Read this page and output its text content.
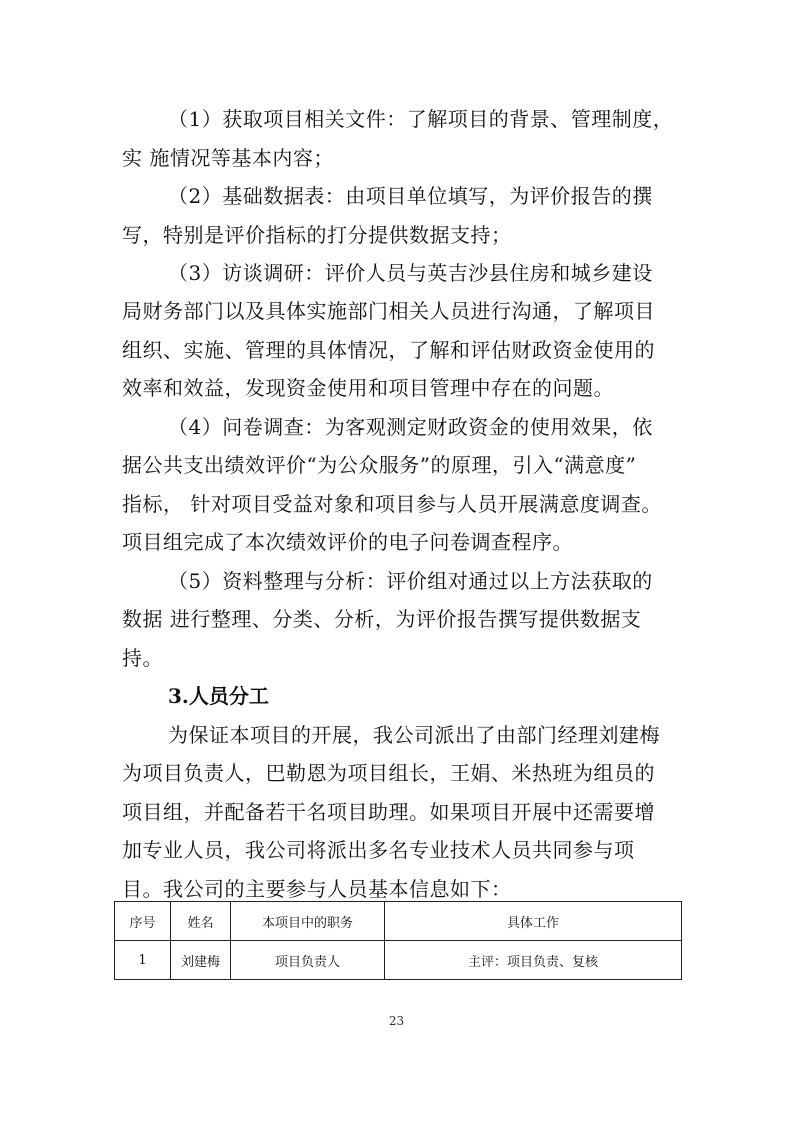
（1）获取项目相关文件：了解项目的背景、管理制度，
实 施情况等基本内容；
（2）基础数据表：由项目单位填写，为评价报告的撰
写，特别是评价指标的打分提供数据支持；
（3）访谈调研：评价人员与英吉沙县住房和城乡建设
局财务部门以及具体实施部门相关人员进行沟通，了解项目
组织、实施、管理的具体情况，了解和评估财政资金使用的
效率和效益，发现资金使用和项目管理中存在的问题。
（4）问卷调查：为客观测定财政资金的使用效果，依
据公共支出绩效评价“为公众服务”的原理，引入“满意度”
指标， 针对项目受益对象和项目参与人员开展满意度调查。
项目组完成了本次绩效评价的电子问卷调查程序。
（5）资料整理与分析：评价组对通过以上方法获取的
数据 进行整理、分类、分析，为评价报告撰写提供数据支
持。
3.人员分工
为保证本项目的开展，我公司派出了由部门经理刘建梅
为项目负责人，巴勒恩为项目组长，王娟、米热班为组员的
项目组，并配备若干名项目助理。如果项目开展中还需要增
加专业人员，我公司将派出多名专业技术人员共同参与项
目。我公司的主要参与人员基本信息如下：
序号	姓名	本项目中的职务	具体工作
1	刘建梅	项目负责人	主评：项目负责、复核
23
